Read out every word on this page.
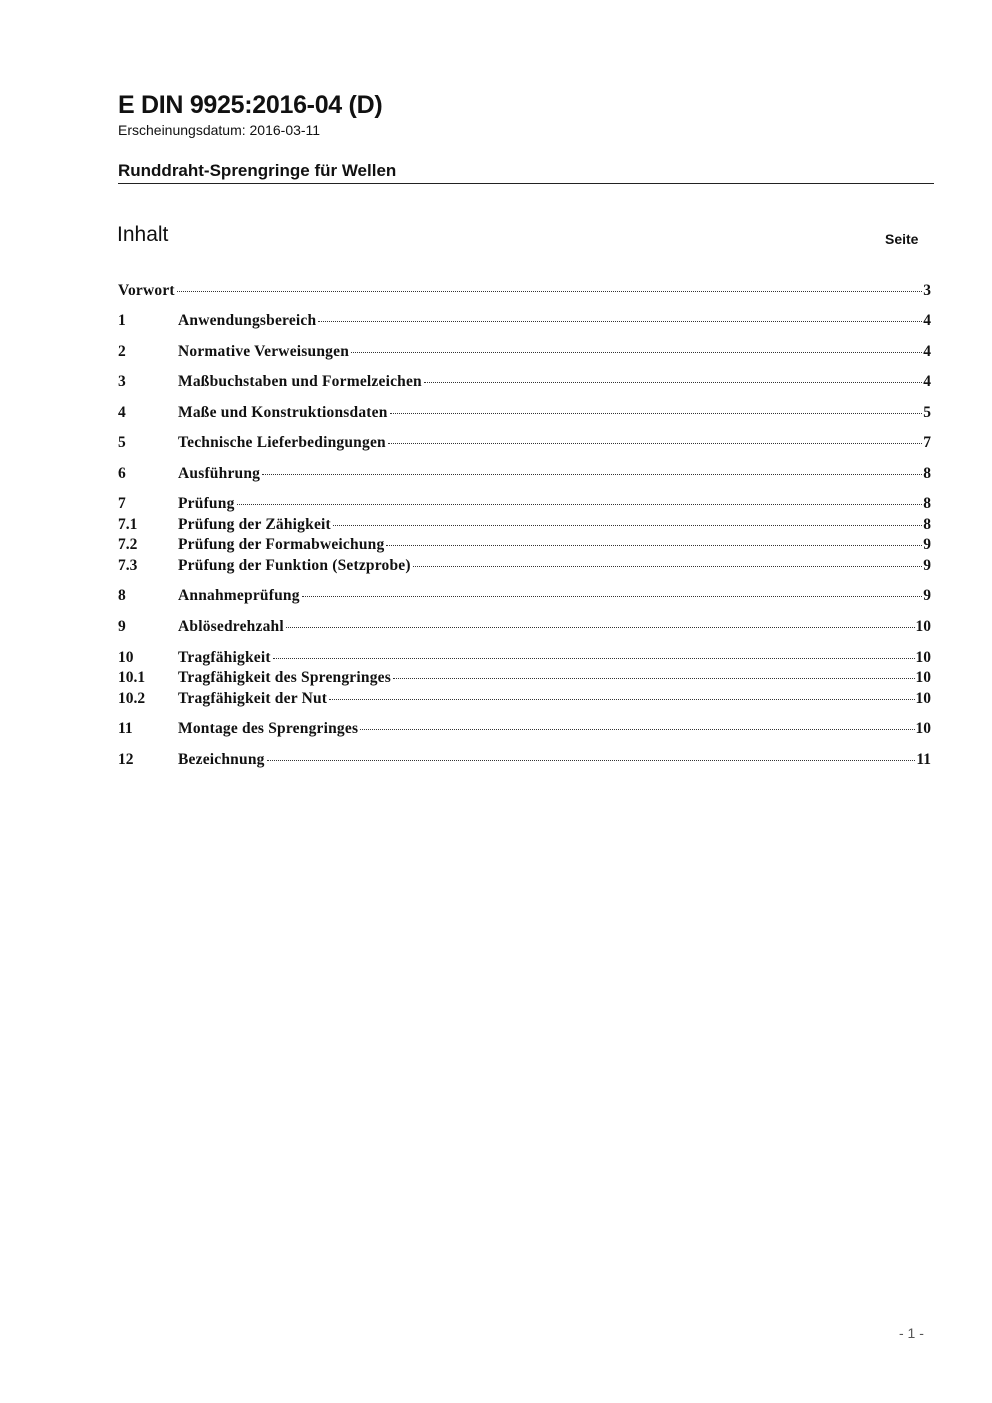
E DIN 9925:2016-04 (D)
Erscheinungsdatum: 2016-03-11
Runddraht-Sprengringe für Wellen
Inhalt	Seite
Vorwort	3
1	Anwendungsbereich	4
2	Normative Verweisungen	4
3	Maßbuchstaben und Formelzeichen	4
4	Maße und Konstruktionsdaten	5
5	Technische Lieferbedingungen	7
6	Ausführung	8
7	Prüfung	8
7.1	Prüfung der Zähigkeit	8
7.2	Prüfung der Formabweichung	9
7.3	Prüfung der Funktion (Setzprobe)	9
8	Annahmeprüfung	9
9	Ablösedrehzahl	10
10	Tragfähigkeit	10
10.1	Tragfähigkeit des Sprengringes	10
10.2	Tragfähigkeit der Nut	10
11	Montage des Sprengringes	10
12	Bezeichnung	11
- 1 -
